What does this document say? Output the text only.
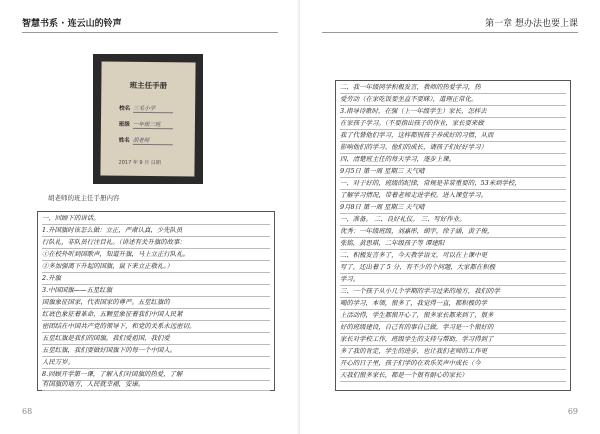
智慧书系 · 连云山的铃声
班主任手册
校名 三毛小学
班级 一年级三班
姓名 胡老师
2017 年 9 月 日期
胡老师的班主任手册内容
一、回顾下的讲话。
1.升国旗时该怎么做：立正，严肃认真，少先队员
行队礼，非队员行注目礼。（讲述有关升旗的故事：
①在校外听到国歌声，知道升旗，马上立正行队礼。
②多加强离下升起的国旗，鼠下来立正敬礼。）
2.升旗
3.中国国旗——五星红旗
国旗象征国家，代表国家的尊严。五星红旗的
红底色象征着革命，五颗星象征着我们中国人民紧
密团结在中国共产党的领导下，和党的关系永远密切。
五星红旗是我们的国旗，我们爱祖国，我们爱
五星红旗，我们要做好国旗下的每一个中国人。
人民万岁。
8.回顾开学第一课，了解入们对国旗的热爱，了解
有国旗的地方，人民就幸福，安康。
68
第一章 想办法也要上课
69
二、我一年级同学积极发言，教师的热爱学习，热
爱劳动（在家吃饭要坐直不要眯），道理正常化。
3.指导诗歌时，在强（上一年级学生）家长，怎样去
在家孩子学习。（不要指出孩子的作业，家长要来做
我了代替他们学习，这样都别孩子养成好的习惯，从而
影响他们的学习、他们的成长，请孩子们好好学习）
四、清楚班主任的每天学习，逐步上课。
9月5日 第一周 星期三 天气晴
一、对于好的，班级的纪律，常规是非常重要的，53米到学校，
了解学习情况，带着老师走进学校，进入课堂学习。
9月8日 第一周 星期三 天气晴
一、准备。 二、良好礼仪。 三、写好作业。
优秀：一年级班级，刘嘉彤，胡宇，徐子涵，黄子俊，
张铭，黄思琪，二年级孩子等 谭建阳
二、积极发言多了，今天教学语文，可以在上课中更
写了，还出着了 5 分，有不少的个问题，大家都在积极
学习。
三、一个孩子从小几个学期的学习过来的地方，我们的学
喝的学习，本领，很多了，我觉得一直，都积极的学
上活动得，学生都很开心了，很多家长都来到了，很多
好的班级建设，自己有的事自己做，学习是一个很好的
家长对学校工作，班级学生的支持与帮助，学习得到了
多了我的肯定，学生的进步，也让我们老师的工作更
开心的日子里，孩子们学的在欢乐笑声中成长（今
天我们很多家长，都是一个很有耐心的家长）
